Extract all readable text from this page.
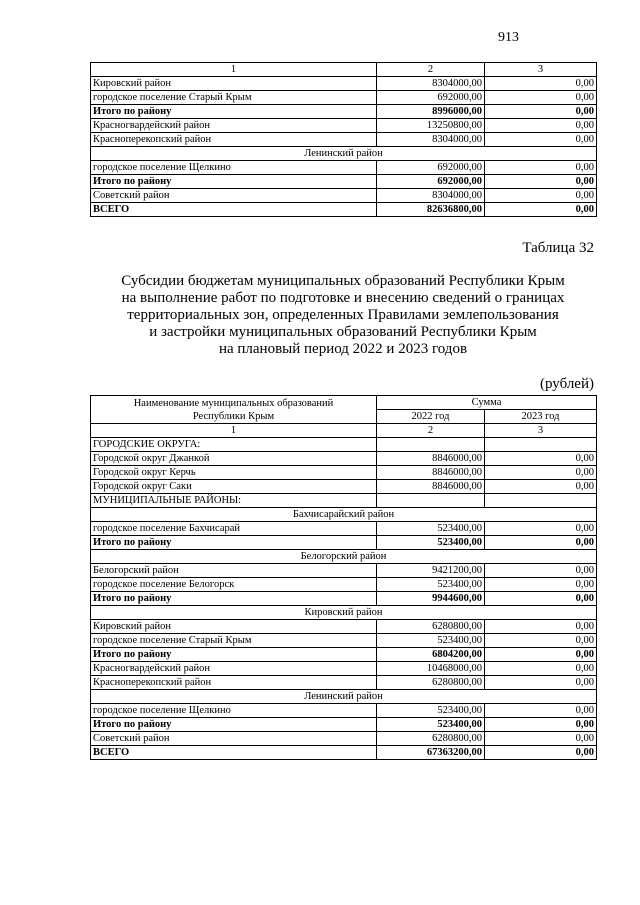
913
1	2	3
Кировский район	8304000,00	0,00
городское поселение Старый Крым	692000,00	0,00
Итого по району	8996000,00	0,00
Красногвардейский район	13250800,00	0,00
Красноперекопский район	8304000,00	0,00
Ленинский район		
городское поселение Щелкино	692000,00	0,00
Итого по району	692000,00	0,00
Советский район	8304000,00	0,00
ВСЕГО	82636800,00	0,00
Таблица 32
Субсидии бюджетам муниципальных образований Республики Крым
на выполнение работ по подготовке и внесению сведений о границах
территориальных зон, определенных Правилами землепользования
и застройки муниципальных образований Республики Крым
на плановый период 2022 и 2023 годов
(рублей)
Наименование муниципальных образований
Республики Крым	Сумма	
	2022 год	2023 год
1	2	3
ГОРОДСКИЕ ОКРУГА:		
Городской округ Джанкой	8846000,00	0,00
Городской округ Керчь	8846000,00	0,00
Городской округ Саки	8846000,00	0,00
МУНИЦИПАЛЬНЫЕ РАЙОНЫ:		
Бахчисарайский район		
городское поселение Бахчисарай	523400,00	0,00
Итого по району	523400,00	0,00
Белогорский район		
Белогорский район	9421200,00	0,00
городское поселение Белогорск	523400,00	0,00
Итого по району	9944600,00	0,00
Кировский район		
Кировский район	6280800,00	0,00
городское поселение Старый Крым	523400,00	0,00
Итого по району	6804200,00	0,00
Красногвардейский район	10468000,00	0,00
Красноперекопский район	6280800,00	0,00
Ленинский район		
городское поселение Щелкино	523400,00	0,00
Итого по району	523400,00	0,00
Советский район	6280800,00	0,00
ВСЕГО	67363200,00	0,00
